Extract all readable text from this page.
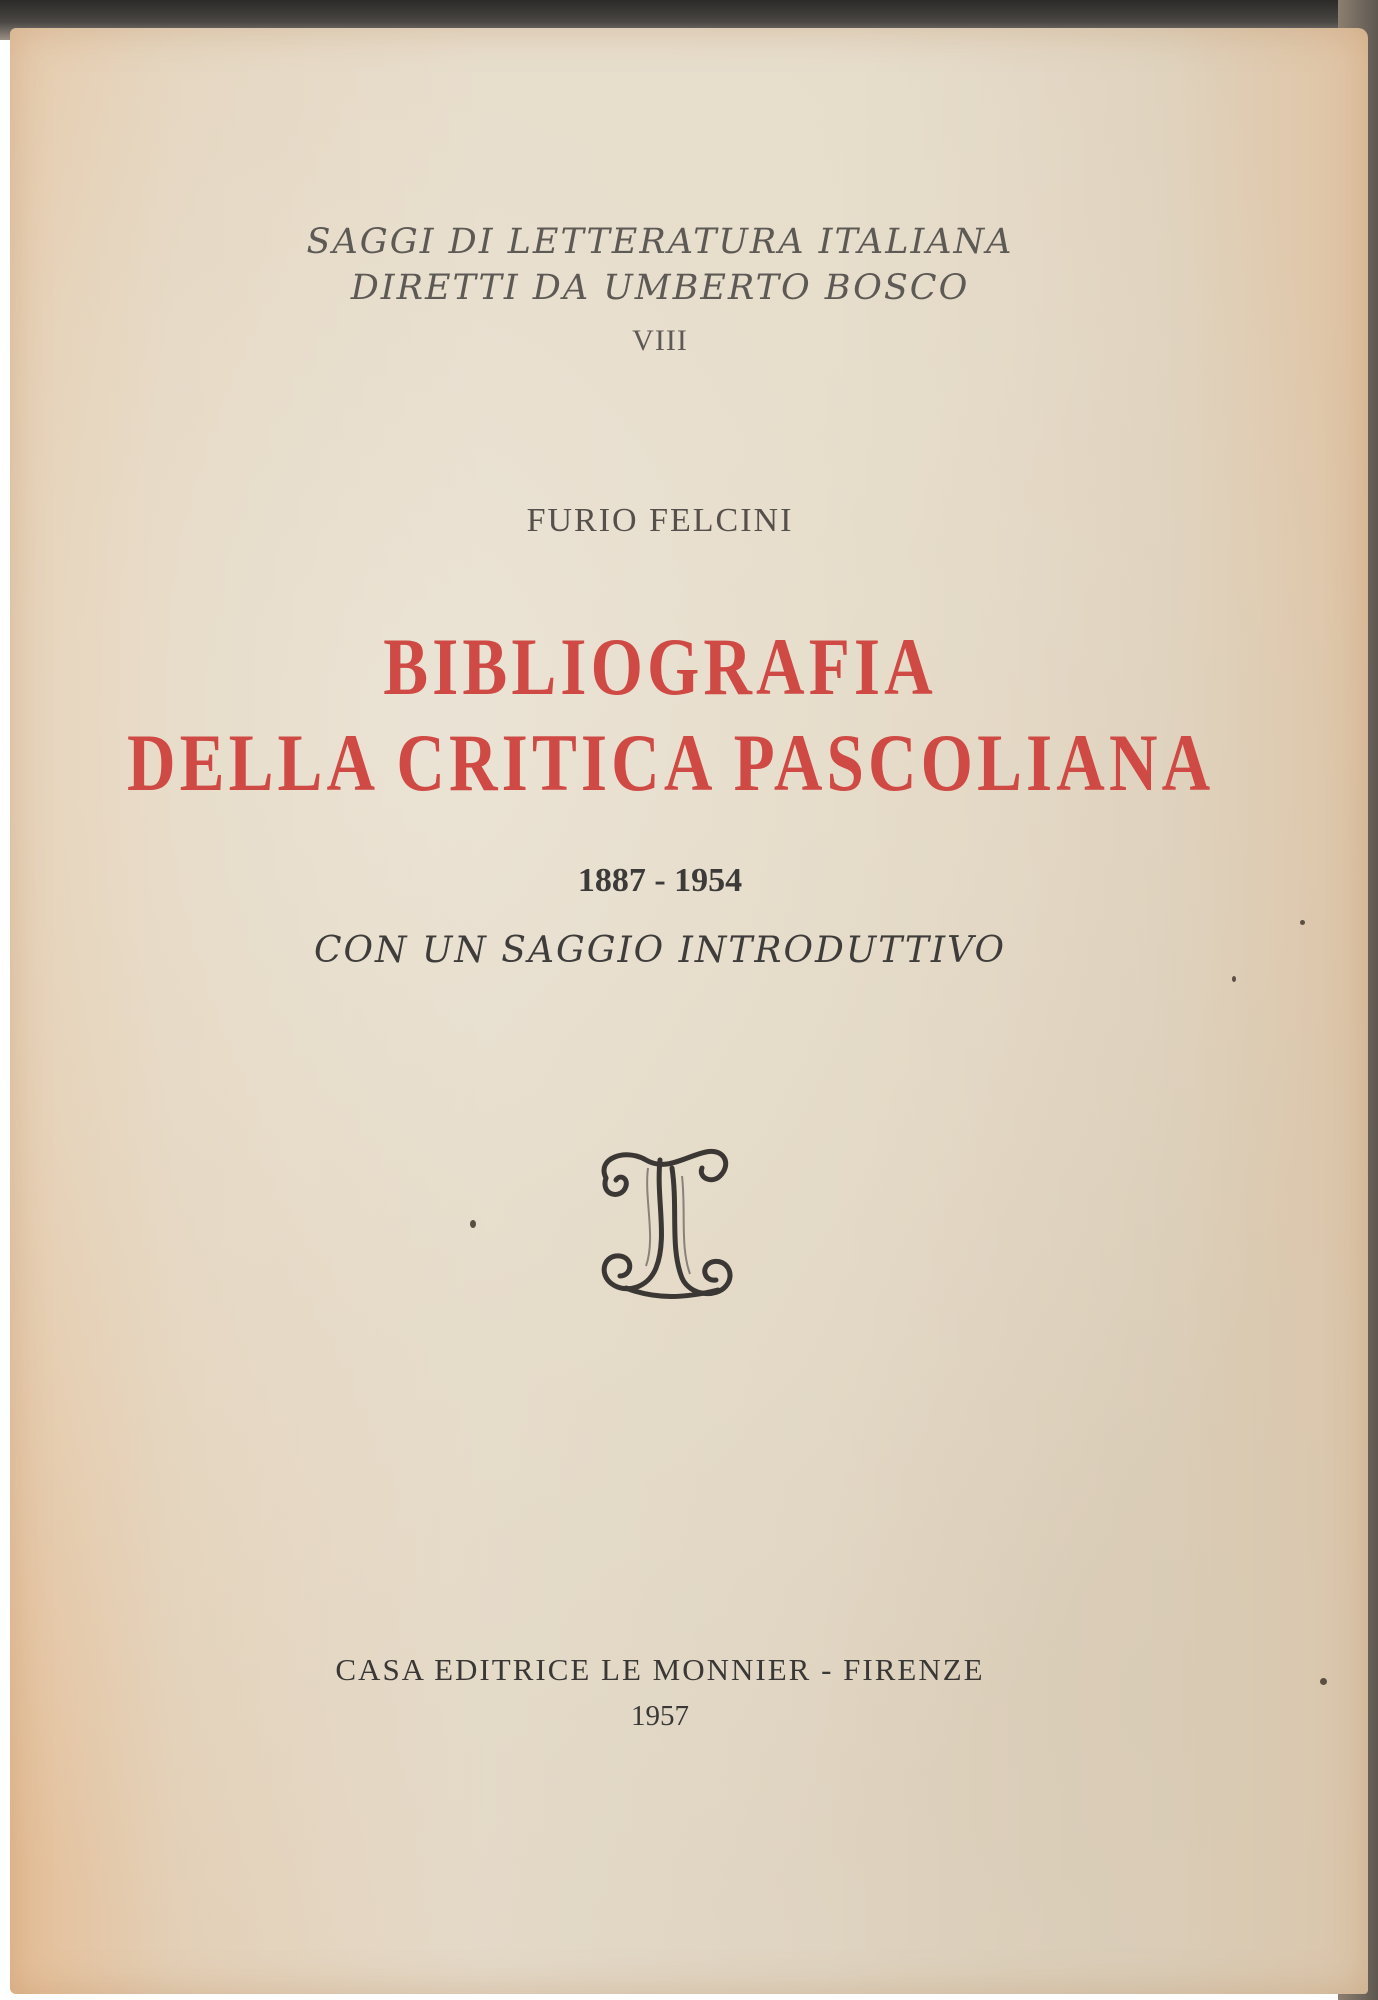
SAGGI DI LETTERATURA ITALIANA
DIRETTI DA UMBERTO BOSCO
VIII
FURIO FELCINI
BIBLIOGRAFIA
DELLA CRITICA PASCOLIANA
1887 - 1954
CON UN SAGGIO INTRODUTTIVO
CASA EDITRICE LE MONNIER - FIRENZE
1957
